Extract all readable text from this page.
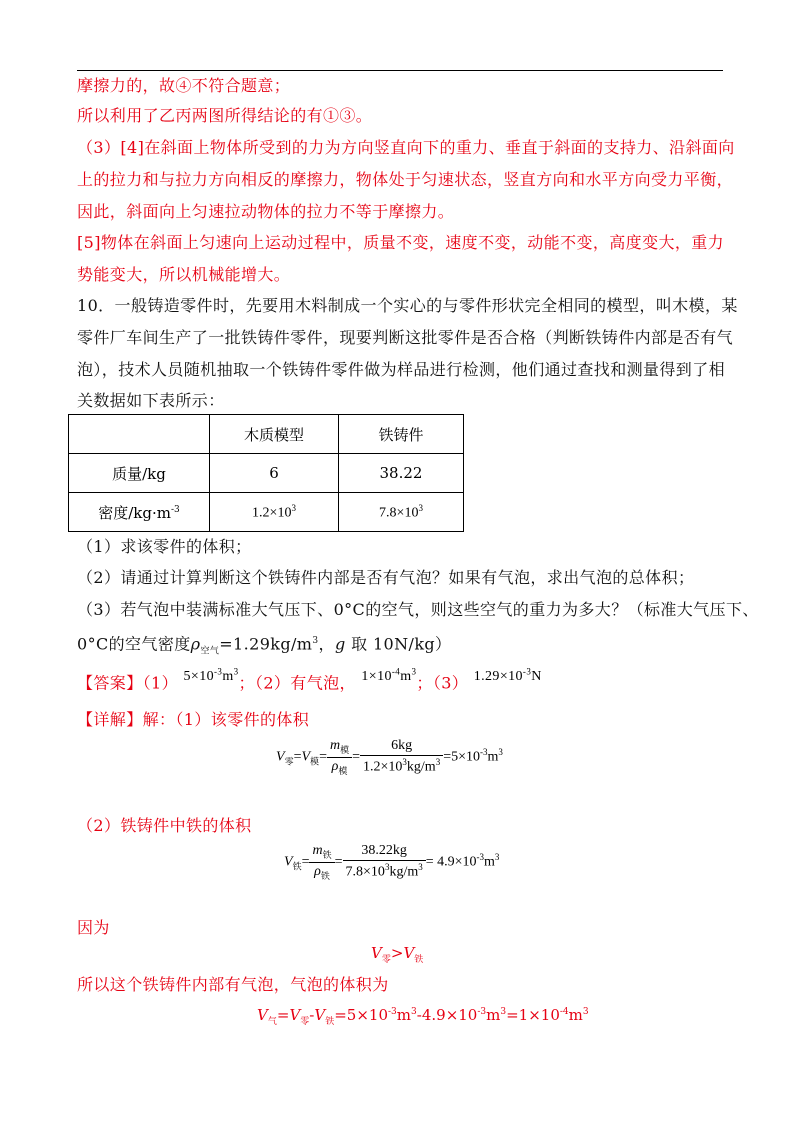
摩擦力的，故④不符合题意；
所以利用了乙丙两图所得结论的有①③。
（3）[4]在斜面上物体所受到的力为方向竖直向下的重力、垂直于斜面的支持力、沿斜面向
上的拉力和与拉力方向相反的摩擦力，物体处于匀速状态，竖直方向和水平方向受力平衡，
因此，斜面向上匀速拉动物体的拉力不等于摩擦力。
[5]物体在斜面上匀速向上运动过程中，质量不变，速度不变，动能不变，高度变大，重力
势能变大，所以机械能增大。
10．一般铸造零件时，先要用木料制成一个实心的与零件形状完全相同的模型，叫木模，某
零件厂车间生产了一批铁铸件零件，现要判断这批零件是否合格（判断铁铸件内部是否有气
泡），技术人员随机抽取一个铁铸件零件做为样品进行检测，他们通过查找和测量得到了相
关数据如下表所示：
	木质模型	铁铸件
质量/kg	6	38.22
密度$/kg\cdot m^{-3}$	$1.2\times 10^3$	$7.8\times 10^3$
（1）求该零件的体积；
（2）请通过计算判断这个铁铸件内部是否有气泡？如果有气泡，求出气泡的总体积；
（3）若气泡中装满标准大气压下、0°C的空气，则这些空气的重力为多大？（标准大气压下、
0°C的空气密度$\rho_{空气}=1.29kg/m^3$，g 取 10N/kg）
【答案】（1） $5\times 10^{-3}m^3$；（2）有气泡， $1\times 10^{-4}m^3$；（3） $1.29\times 10^{-3}N$
【详解】解：（1）该零件的体积
$V_零=V_模= \frac{m_模}{\rho_模} = \frac{6kg}{1.2\times 10^3kg/m^3} =5\times 10^{-3}m^3$
（2）铁铸件中铁的体积
$V_铁= \frac{m_铁}{\rho_铁} = \frac{38.22kg}{7.8\times 10^3kg/m^3} = 4.9\times 10^{-3}m^3$
因为
$V_零>V_铁$
所以这个铁铸件内部有气泡，气泡的体积为
$V_气=V_零-V_铁=5\times 10^{-3}m^3-4.9\times 10^{-3}m^3=1\times 10^{-4}m^3$
